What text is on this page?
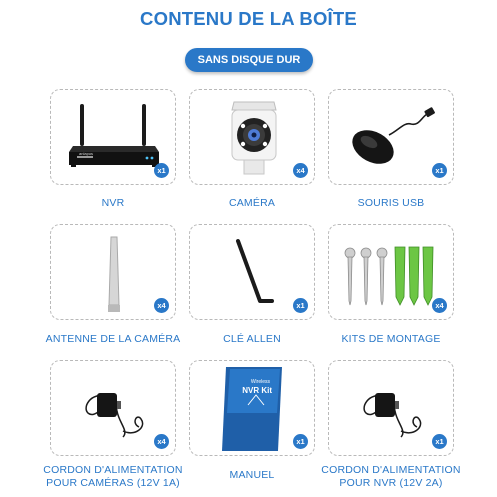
CONTENU DE LA BOÎTE
SANS DISQUE DUR
anlapus
x1
NVR
x4
CAMÉRA
x1
SOURIS USB
x4
ANTENNE DE LA CAMÉRA
x1
CLÉ ALLEN
x4
KITS DE MONTAGE
x4
CORDON D'ALIMENTATION
POUR CAMÉRAS (12V 1A)
Wireless
NVR Kit
x1
MANUEL
x1
CORDON D'ALIMENTATION
POUR NVR (12V 2A)
